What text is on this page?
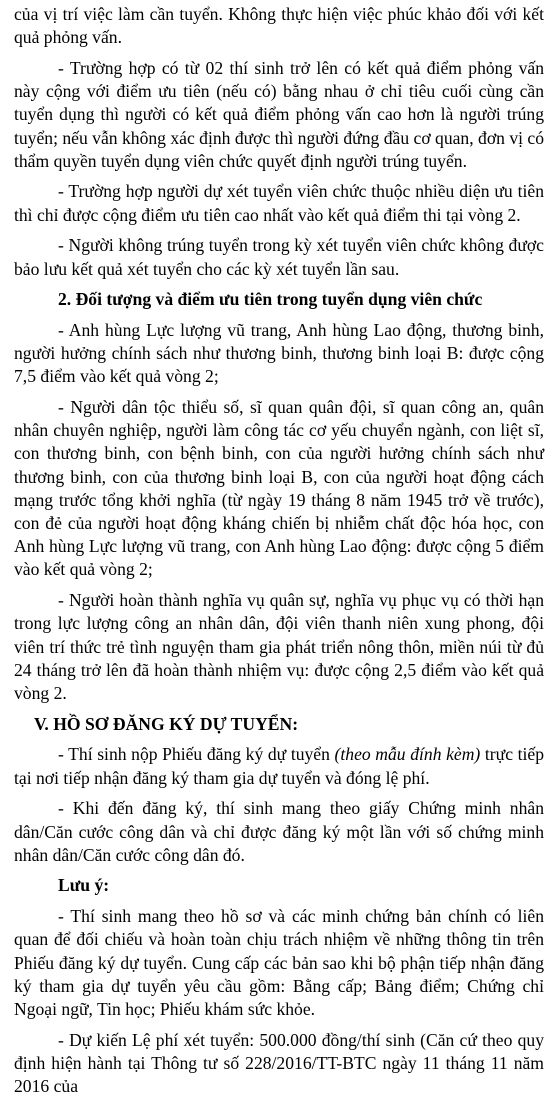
của vị trí việc làm cần tuyển. Không thực hiện việc phúc khảo đối với kết quả phỏng vấn.

- Trường hợp có từ 02 thí sinh trở lên có kết quả điểm phỏng vấn này cộng với điểm ưu tiên (nếu có) bằng nhau ở chỉ tiêu cuối cùng cần tuyển dụng thì người có kết quả điểm phỏng vấn cao hơn là người trúng tuyển; nếu vẫn không xác định được thì người đứng đầu cơ quan, đơn vị có thẩm quyền tuyển dụng viên chức quyết định người trúng tuyển.

- Trường hợp người dự xét tuyển viên chức thuộc nhiều diện ưu tiên thì chỉ được cộng điểm ưu tiên cao nhất vào kết quả điểm thi tại vòng 2.

- Người không trúng tuyển trong kỳ xét tuyển viên chức không được bảo lưu kết quả xét tuyển cho các kỳ xét tuyển lần sau.

2. Đối tượng và điểm ưu tiên trong tuyển dụng viên chức

- Anh hùng Lực lượng vũ trang, Anh hùng Lao động, thương binh, người hưởng chính sách như thương binh, thương binh loại B: được cộng 7,5 điểm vào kết quả vòng 2;

- Người dân tộc thiểu số, sĩ quan quân đội, sĩ quan công an, quân nhân chuyên nghiệp, người làm công tác cơ yếu chuyển ngành, con liệt sĩ, con thương binh, con bệnh binh, con của người hưởng chính sách như thương binh, con của thương binh loại B, con của người hoạt động cách mạng trước tổng khởi nghĩa (từ ngày 19 tháng 8 năm 1945 trở về trước), con đẻ của người hoạt động kháng chiến bị nhiễm chất độc hóa học, con Anh hùng Lực lượng vũ trang, con Anh hùng Lao động: được cộng 5 điểm vào kết quả vòng 2;

- Người hoàn thành nghĩa vụ quân sự, nghĩa vụ phục vụ có thời hạn trong lực lượng công an nhân dân, đội viên thanh niên xung phong, đội viên trí thức trẻ tình nguyện tham gia phát triển nông thôn, miền núi từ đủ 24 tháng trở lên đã hoàn thành nhiệm vụ: được cộng 2,5 điểm vào kết quả vòng 2.

V. HỒ SƠ ĐĂNG KÝ DỰ TUYỂN:

- Thí sinh nộp Phiếu đăng ký dự tuyển (theo mẫu đính kèm) trực tiếp tại nơi tiếp nhận đăng ký tham gia dự tuyển và đóng lệ phí.

- Khi đến đăng ký, thí sinh mang theo giấy Chứng minh nhân dân/Căn cước công dân và chỉ được đăng ký một lần với số chứng minh nhân dân/Căn cước công dân đó.

Lưu ý:

- Thí sinh mang theo hồ sơ và các minh chứng bản chính có liên quan để đối chiếu và hoàn toàn chịu trách nhiệm về những thông tin trên Phiếu đăng ký dự tuyển. Cung cấp các bản sao khi bộ phận tiếp nhận đăng ký tham gia dự tuyển yêu cầu gồm: Bằng cấp; Bảng điểm; Chứng chỉ Ngoại ngữ, Tin học; Phiếu khám sức khỏe.

- Dự kiến Lệ phí xét tuyển: 500.000 đồng/thí sinh (Căn cứ theo quy định hiện hành tại Thông tư số 228/2016/TT-BTC ngày 11 tháng 11 năm 2016 của
